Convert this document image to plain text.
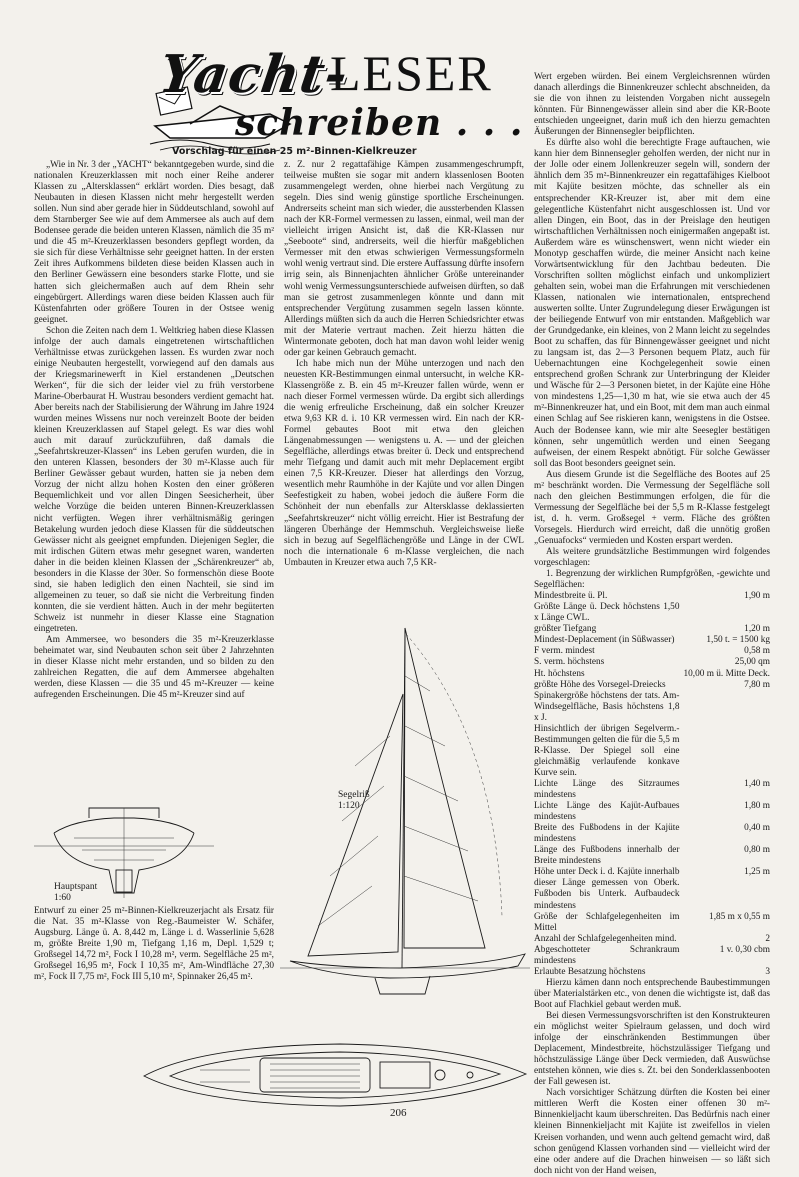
Yacht-
LESER
schreiben . . .
Vorschlag für einen 25 m²-Binnen-Kielkreuzer

„Wie in Nr. 3 der „YACHT“ bekanntgegeben wurde, sind die nationalen Kreuzerklassen mit noch einer Reihe anderer Klassen zu „Altersklassen“ erklärt worden. Dies besagt, daß Neubauten in diesen Klassen nicht mehr hergestellt werden sollen. Nun sind aber gerade hier in Süddeutschland, sowohl auf dem Starnberger See wie auf dem Ammersee als auch auf dem Bodensee gerade die beiden unteren Klassen, nämlich die 35 m² und die 45 m²-Kreuzerklassen besonders gepflegt worden, da sie sich für diese Verhältnisse sehr geeignet hatten. In der ersten Zeit ihres Aufkommens bildeten diese beiden Klassen auch in den Berliner Gewässern eine besonders starke Flotte, und sie hatten sich gleichermaßen auch auf dem Rhein sehr eingebürgert. Allerdings waren diese beiden Klassen auch für Küstenfahrten oder größere Touren in der Ostsee wenig geeignet.

Schon die Zeiten nach dem 1. Weltkrieg haben diese Klassen infolge der auch damals eingetretenen wirtschaftlichen Verhältnisse etwas zurückgehen lassen. Es wurden zwar noch einige Neubauten hergestellt, vorwiegend auf den damals aus der Kriegsmarinewerft in Kiel erstandenen „Deutschen Werken“, für die sich der leider viel zu früh verstorbene Marine-Oberbaurat H. Wustrau besonders verdient gemacht hat. Aber bereits nach der Stabilisierung der Währung im Jahre 1924 wurden meines Wissens nur noch vereinzelt Boote der beiden kleinen Kreuzerklassen auf Stapel gelegt. Es war dies wohl auch mit darauf zurückzuführen, daß damals die „Seefahrtskreuzer-Klassen“ ins Leben gerufen wurden, die in den unteren Klassen, besonders der 30 m²-Klasse auch für Berliner Gewässer gebaut wurden, hatten sie ja neben dem Vorzug der nicht allzu hohen Kosten den einer größeren Bequemlichkeit und vor allen Dingen Seesicherheit, über welche Vorzüge die beiden unteren Binnen-Kreuzerklassen nicht verfügten. Wegen ihrer verhältnismäßig geringen Betakelung wurden jedoch diese Klassen für die süddeutschen Gewässer nicht als geeignet empfunden. Diejenigen Segler, die mit irdischen Gütern etwas mehr gesegnet waren, wanderten daher in die beiden kleinen Klassen der „Schärenkreuzer“ ab, besonders in die Klasse der 30er. So formenschön diese Boote sind, sie haben lediglich den einen Nachteil, sie sind im allgemeinen zu teuer, so daß sie nicht die Verbreitung finden konnten, die sie verdient hätten. Auch in der mehr begüterten Schweiz ist nunmehr in dieser Klasse eine Stagnation eingetreten.

Am Ammersee, wo besonders die 35 m²-Kreuzerklasse beheimatet war, sind Neubauten schon seit über 2 Jahrzehnten in dieser Klasse nicht mehr erstanden, und so bilden zu den zahlreichen Regatten, die auf dem Ammersee abgehalten werden, diese Klassen — die 35 und 45 m²-Kreuzer — keine aufregenden Erscheinungen. Die 45 m²-Kreuzer sind auf

z. Z. nur 2 regattafähige Kämpen zusammengeschrumpft, teilweise mußten sie sogar mit andern klassenlosen Booten zusammengelegt werden, ohne hierbei nach Vergütung zu segeln. Dies sind wenig günstige sportliche Erscheinungen. Andrerseits scheint man sich wieder, die aussterbenden Klassen nach der KR-Formel vermessen zu lassen, einmal, weil man der vielleicht irrigen Ansicht ist, daß die KR-Klassen nur „Seeboote“ sind, andrerseits, weil die hierfür maßgeblichen Vermesser mit den etwas schwierigen Vermessungsformeln wohl wenig vertraut sind. Die erstere Auffassung dürfte insofern irrig sein, als Binnenjachten ähnlicher Größe untereinander wohl wenig Vermessungsunterschiede aufweisen dürften, so daß man sie getrost zusammenlegen könnte und dann mit entsprechender Vergütung zusammen segeln lassen könnte. Allerdings müßten sich da auch die Herren Schiedsrichter etwas mit der Materie vertraut machen. Zeit hierzu hätten die Wintermonate geboten, doch hat man davon wohl leider wenig oder gar keinen Gebrauch gemacht.

Ich habe mich nun der Mühe unterzogen und nach den neuesten KR-Bestimmungen einmal untersucht, in welche KR-Klassengröße z. B. ein 45 m²-Kreuzer fallen würde, wenn er nach dieser Formel vermessen würde. Da ergibt sich allerdings die wenig erfreuliche Erscheinung, daß ein solcher Kreuzer etwa 9,63 KR d. i. 10 KR vermessen wird. Ein nach der KR-Formel gebautes Boot mit etwa den gleichen Längenabmessungen — wenigstens u. A. — und der gleichen Segelfläche, allerdings etwas breiter ü. Deck und entsprechend mehr Tiefgang und damit auch mit mehr Deplacement ergibt einen 7,5 KR-Kreuzer. Dieser hat allerdings den Vorzug, wesentlich mehr Raumhöhe in der Kajüte und vor allen Dingen Seefestigkeit zu haben, wobei jedoch die äußere Form die Schönheit der nun ebenfalls zur Altersklasse deklassierten „Seefahrtskreuzer“ nicht völlig erreicht. Hier ist Bestrafung der längeren Überhänge der Hemmschuh. Vergleichsweise ließe sich in bezug auf Segelflächengröße und Länge in der CWL noch die internationale 6 m-Klasse vergleichen, die nach Umbauten in Kreuzer etwa auch 7,5 KR-

Wert ergeben würden. Bei einem Vergleichsrennen würden danach allerdings die Binnenkreuzer schlecht abschneiden, da sie die von ihnen zu leistenden Vorgaben nicht aussegeln könnten. Für Binnengewässer allein sind aber die KR-Boote entschieden ungeeignet, darin muß ich den hierzu gemachten Äußerungen der Binnensegler beipflichten.

Es dürfte also wohl die berechtigte Frage auftauchen, wie kann hier dem Binnensegler geholfen werden, der nicht nur in der Jolle oder einem Jollenkreuzer segeln will, sondern der ähnlich dem 35 m²-Binnenkreuzer ein regattafähiges Kielboot mit Kajüte besitzen möchte, das schneller als ein entsprechender KR-Kreuzer ist, aber mit dem eine gelegentliche Küstenfahrt nicht ausgeschlossen ist. Und vor allen Dingen, ein Boot, das in der Preislage den heutigen wirtschaftlichen Verhältnissen noch einigermaßen angepaßt ist. Außerdem wäre es wünschenswert, wenn nicht wieder ein Monotyp geschaffen würde, die meiner Ansicht nach keine Vorwärtsentwicklung für den Jachtbau bedeuten. Die Vorschriften sollten möglichst einfach und unkompliziert gehalten sein, wobei man die Erfahrungen mit verschiedenen Klassen, nationalen wie internationalen, entsprechend auswerten sollte. Unter Zugrundelegung dieser Erwägungen ist der beiliegende Entwurf von mir entstanden. Maßgeblich war der Grundgedanke, ein kleines, von 2 Mann leicht zu segelndes Boot zu schaffen, das für Binnengewässer geeignet und nicht zu langsam ist, das 2—3 Personen bequem Platz, auch für Uebernachtungen eine Kochgelegenheit sowie einen entsprechend großen Schrank zur Unterbringung der Kleider und Wäsche für 2—3 Personen bietet, in der Kajüte eine Höhe von mindestens 1,25—1,30 m hat, wie sie etwa auch der 45 m²-Binnenkreuzer hat, und ein Boot, mit dem man auch einmal einen Schlag auf See riskieren kann, wenigstens in die Ostsee. Auch der Bodensee kann, wie mir alte Seesegler bestätigen können, sehr ungemütlich werden und einen Seegang aufweisen, der einem Respekt abnötigt. Für solche Gewässer soll das Boot besonders geeignet sein.

Aus diesem Grunde ist die Segelfläche des Bootes auf 25 m² beschränkt worden. Die Vermessung der Segelfläche soll nach den gleichen Bestimmungen erfolgen, die für die Vermessung der Segelfläche bei der 5,5 m R-Klasse festgelegt ist, d. h. verm. Großsegel + verm. Fläche des größten Vorsegels. Hierdurch wird erreicht, daß die unnötig großen „Genuafocks“ vermieden und Kosten erspart werden.

Als weitere grundsätzliche Bestimmungen wird folgendes vorgeschlagen:

1. Begrenzung der wirklichen Rumpfgrößen, -gewichte und Segelflächen:

Mindestbreite ü. Pl.	1,90 m
Größte Länge ü. Deck höchstens 1,50 x Länge CWL.	
größter Tiefgang	1,20 m
Mindest-Deplacement (in Süßwasser)	1,50 t. = 1500 kg
F verm. mindest	0,58 m
S. verm. höchstens	25,00 qm
Ht. höchstens	10,00 m ü. Mitte Deck.
größte Höhe des Vorsegel-Dreiecks	7,80 m
Spinakergröße höchstens der tats. Am-Windsegelfläche, Basis höchstens 1,8 x J.	
Hinsichtlich der übrigen Segelverm.-Bestimmungen gelten die für die 5,5 m R-Klasse. Der Spiegel soll eine gleichmäßig verlaufende konkave Kurve sein.	
Lichte Länge des Sitzraumes mindestens	1,40 m
Lichte Länge des Kajüt-Aufbaues mindestens	1,80 m
Breite des Fußbodens in der Kajüte mindestens	0,40 m
Länge des Fußbodens innerhalb der Breite mindestens	0,80 m
Höhe unter Deck i. d. Kajüte innerhalb dieser Länge gemessen von Oberk. Fußboden bis Unterk. Aufbaudeck mindestens	1,25 m
Größe der Schlafgelegenheiten im Mittel	1,85 m x 0,55 m
Anzahl der Schlafgelegenheiten mind.	2
Abgeschotteter Schrankraum mindestens	1 v. 0,30 cbm
Erlaubte Besatzung höchstens	3

Hierzu kämen dann noch entsprechende Baubestimmungen über Materialstärken etc., von denen die wichtigste ist, daß das Boot auf Flachkiel gebaut werden muß.

Bei diesen Vermessungsvorschriften ist den Konstrukteuren ein möglichst weiter Spielraum gelassen, und doch wird infolge der einschränkenden Bestimmungen über Deplacement, Mindestbreite, höchstzulässiger Tiefgang und höchstzulässige Länge über Deck vermieden, daß Auswüchse entstehen können, wie dies s. Zt. bei den Sonderklassenbooten der Fall gewesen ist.

Nach vorsichtiger Schätzung dürften die Kosten bei einer mittleren Werft die Kosten einer offenen 30 m²-Binnenkieljacht kaum überschreiten. Das Bedürfnis nach einer kleinen Binnenkieljacht mit Kajüte ist zweifellos in vielen Kreisen vorhanden, und wenn auch geltend gemacht wird, daß schon genügend Klassen vorhanden sind — vielleicht wird der eine oder andere auf die Drachen hinweisen — so läßt sich doch nicht von der Hand weisen,

Hauptspant
1:60
Segelriß
1:120

Entwurf zu einer 25 m²-Binnen-Kielkreuzerjacht als Ersatz für die Nat. 35 m²-Klasse von Reg.-Baumeister W. Schäfer, Augsburg. Länge ü. A. 8,442 m, Länge i. d. Wasserlinie 5,628 m, größte Breite 1,90 m, Tiefgang 1,16 m, Depl. 1,529 t; Großsegel 14,72 m², Fock I 10,28 m², verm. Segelfläche 25 m², Großsegel 16,95 m², Fock I 10,35 m², Am-Windfläche 27,30 m², Fock II 7,75 m², Fock III 5,10 m², Spinnaker 26,45 m².

206
